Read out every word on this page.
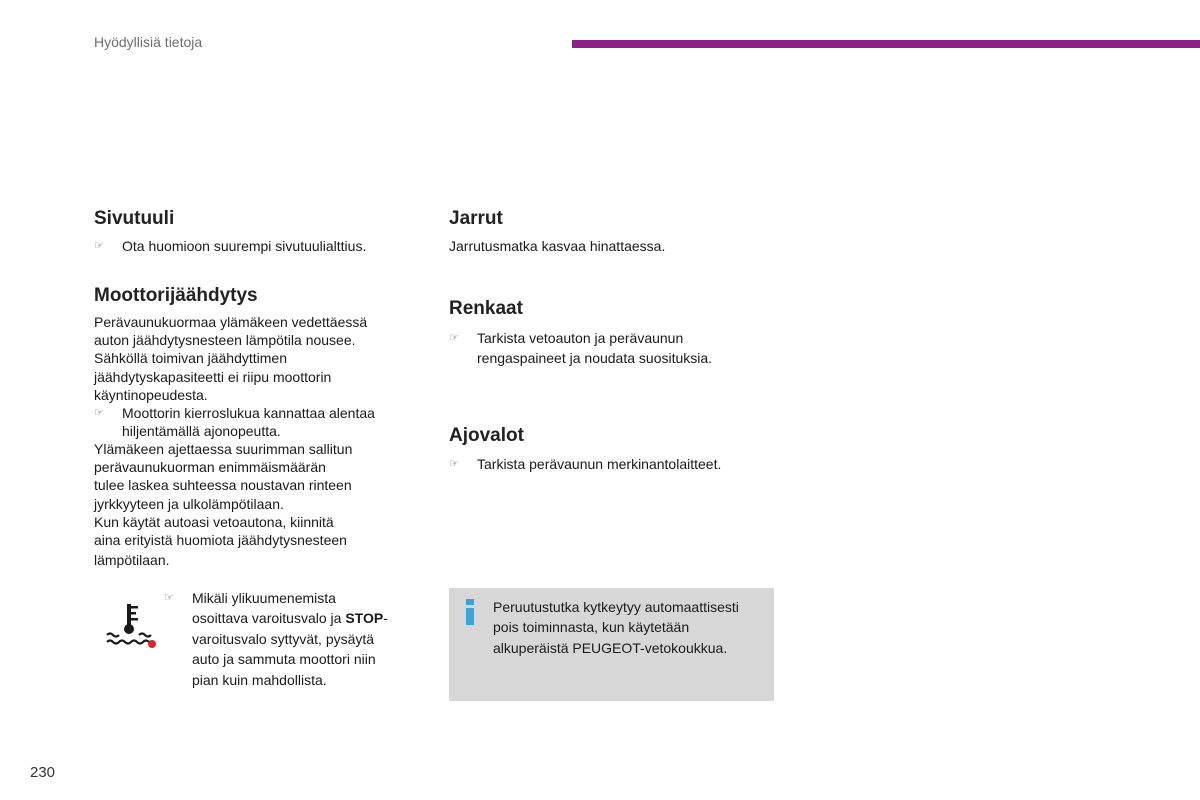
Hyödyllisiä tietoja
Sivutuuli
☞ Ota huomioon suurempi sivutuulialttius.
Moottorijäähdytys

Perävaunukuormaa ylämäkeen vedettäessä

auton jäähdytysnesteen lämpötila nousee.

Sähköllä toimivan jäähdyttimen

jäähdytyskapasiteetti ei riipu moottorin

käyntinopeudesta.

☞ Moottorin kierroslukua kannattaa alentaa
hiljentämällä ajonopeutta.

Ylämäkeen ajettaessa suurimman sallitun

perävaunukuorman enimmäismäärän

tulee laskea suhteessa noustavan rinteen

jyrkkyyteen ja ulkolämpötilaan.

Kun käytät autoasi vetoautona, kiinnitä

aina erityistä huomiota jäähdytysnesteen

lämpötilaan.

☞ Mikäli ylikuumenemista
osoittava varoitusvalo ja STOP-
varoitusvalo syttyvät, pysäytä
auto ja sammuta moottori niin
pian kuin mahdollista.
Jarrut
Jarrutusmatka kasvaa hinattaessa.
Renkaat
☞ Tarkista vetoauton ja perävaunun
rengaspaineet ja noudata suosituksia.
Ajovalot
☞ Tarkista perävaunun merkinantolaitteet.
Peruutustutka kytkeytyy automaattisesti
pois toiminnasta, kun käytetään
alkuperäistä PEUGEOT-vetokoukkua.
230
